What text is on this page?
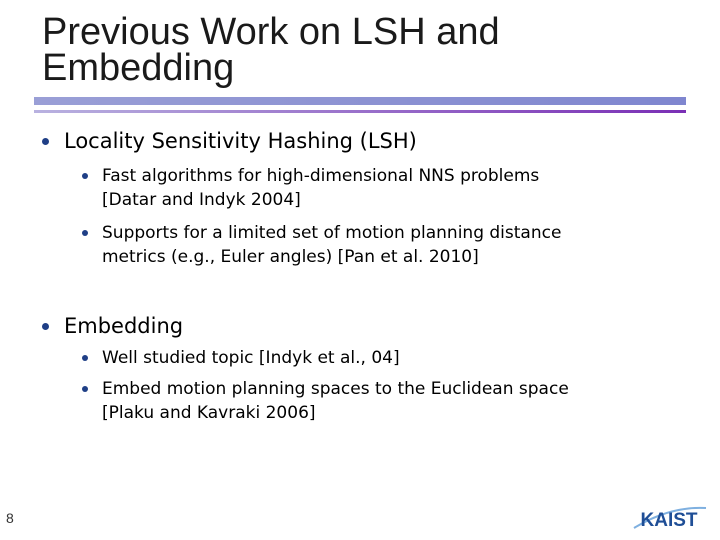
Previous Work on LSH and
Embedding
Locality Sensitivity Hashing (LSH)
Fast algorithms for high-dimensional NNS problems
[Datar and Indyk 2004]
Supports for a limited set of motion planning distance
metrics (e.g., Euler angles) [Pan et al. 2010]
Embedding
Well studied topic [Indyk et al., 04]
Embed motion planning spaces to the Euclidean space
[Plaku and Kavraki 2006]
8	KAIST
